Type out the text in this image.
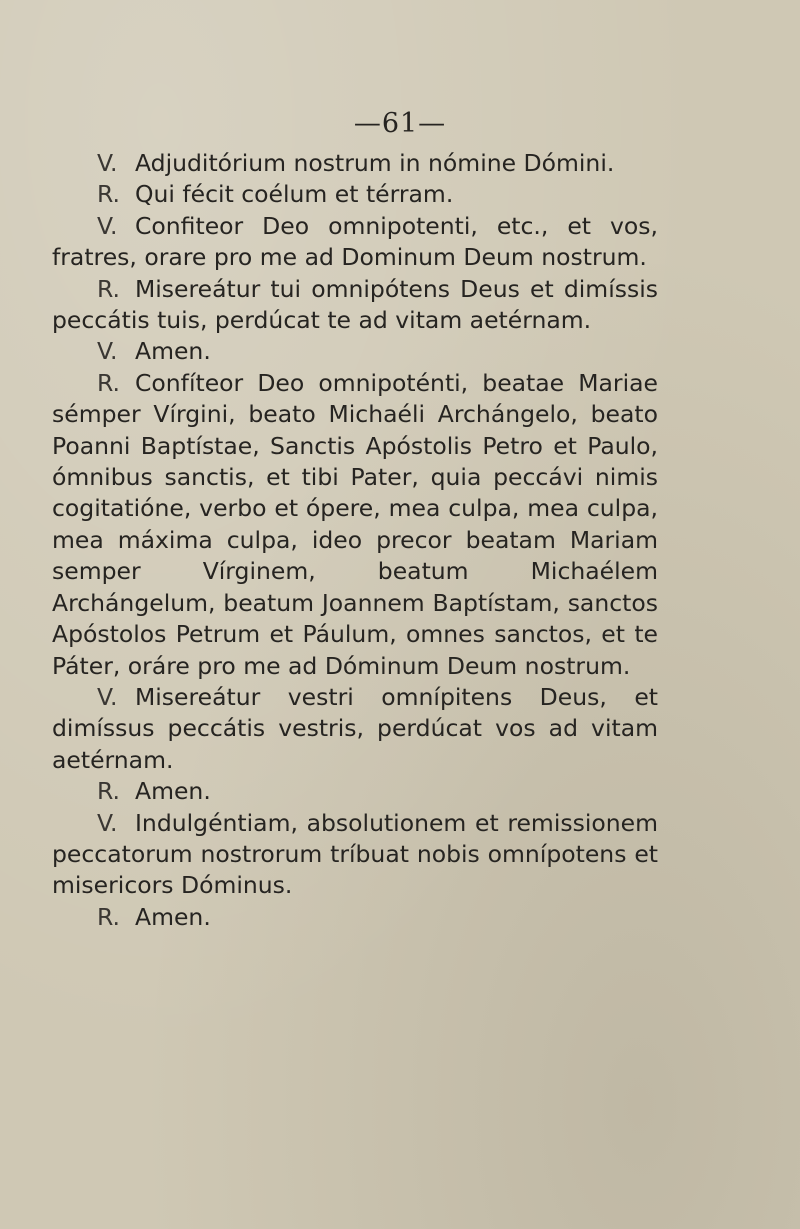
—61—

V. Adjuditórium nostrum in nómine Dómini.

R. Qui fécit coélum et térram.

V. Confiteor Deo omnipotenti, etc., et vos, fratres, orare pro me ad Dominum Deum nostrum.

R. Misereátur tui omnipótens Deus et dimíssis peccátis tuis, perdúcat te ad vitam aetérnam.

V. Amen.

R. Confíteor Deo omnipoténti, beatae Mariae sémper Vírgini, beato Michaéli Archángelo, beato Poanni Baptístae, Sanctis Apóstolis Petro et Paulo, ómnibus sanctis, et tibi Pater, quia peccávi nimis cogitatióne, verbo et ópere, mea culpa, mea culpa, mea máxima culpa, ideo precor beatam Mariam semper Vírginem, beatum Michaélem Archángelum, beatum Joannem Baptístam, sanctos Apóstolos Petrum et Páulum, omnes sanctos, et te Páter, oráre pro me ad Dóminum Deum nostrum.

V. Misereátur vestri omnípitens Deus, et dimíssus peccátis vestris, perdúcat vos ad vitam aetérnam.

R. Amen.

V. Indulgéntiam, absolutionem et remissionem peccatorum nostrorum tríbuat nobis omnípotens et misericors Dóminus.

R. Amen.
